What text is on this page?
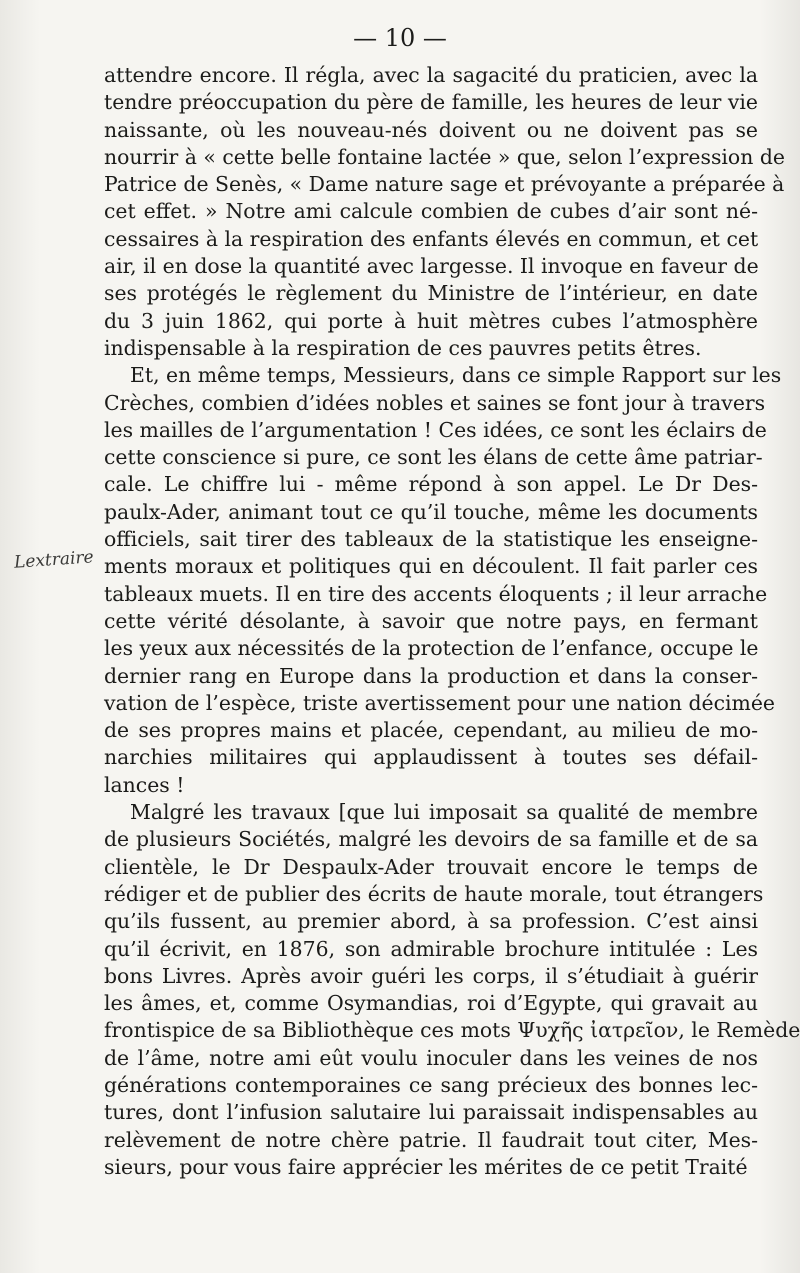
— 10 —
Lextraire
attendre encore. Il régla, avec la sagacité du praticien, avec la
tendre préoccupation du père de famille, les heures de leur vie
naissante, où les nouveau-nés doivent ou ne doivent pas se
nourrir à « cette belle fontaine lactée » que, selon l’expression de
Patrice de Senès, « Dame nature sage et prévoyante a préparée à
cet effet. » Notre ami calcule combien de cubes d’air sont né-
cessaires à la respiration des enfants élevés en commun, et cet
air, il en dose la quantité avec largesse. Il invoque en faveur de
ses protégés le règlement du Ministre de l’intérieur, en date
du 3 juin 1862, qui porte à huit mètres cubes l’atmosphère
indispensable à la respiration de ces pauvres petits êtres.
Et, en même temps, Messieurs, dans ce simple Rapport sur les
Crèches, combien d’idées nobles et saines se font jour à travers
les mailles de l’argumentation ! Ces idées, ce sont les éclairs de
cette conscience si pure, ce sont les élans de cette âme patriar-
cale. Le chiffre lui - même répond à son appel. Le Dr Des-
paulx-Ader, animant tout ce qu’il touche, même les documents
officiels, sait tirer des tableaux de la statistique les enseigne-
ments moraux et politiques qui en découlent. Il fait parler ces
tableaux muets. Il en tire des accents éloquents ; il leur arrache
cette vérité désolante, à savoir que notre pays, en fermant
les yeux aux nécessités de la protection de l’enfance, occupe le
dernier rang en Europe dans la production et dans la conser-
vation de l’espèce, triste avertissement pour une nation décimée
de ses propres mains et placée, cependant, au milieu de mo-
narchies militaires qui applaudissent à toutes ses défail-
lances !
Malgré les travaux [que lui imposait sa qualité de membre
de plusieurs Sociétés, malgré les devoirs de sa famille et de sa
clientèle, le Dr Despaulx-Ader trouvait encore le temps de
rédiger et de publier des écrits de haute morale, tout étrangers
qu’ils fussent, au premier abord, à sa profession. C’est ainsi
qu’il écrivit, en 1876, son admirable brochure intitulée : Les
bons Livres. Après avoir guéri les corps, il s’étudiait à guérir
les âmes, et, comme Osymandias, roi d’Egypte, qui gravait au
frontispice de sa Bibliothèque ces mots Ψυχῆς ἰατρεῖον, le Remède
de l’âme, notre ami eût voulu inoculer dans les veines de nos
générations contemporaines ce sang précieux des bonnes lec-
tures, dont l’infusion salutaire lui paraissait indispensables au
relèvement de notre chère patrie. Il faudrait tout citer, Mes-
sieurs, pour vous faire apprécier les mérites de ce petit Traité
